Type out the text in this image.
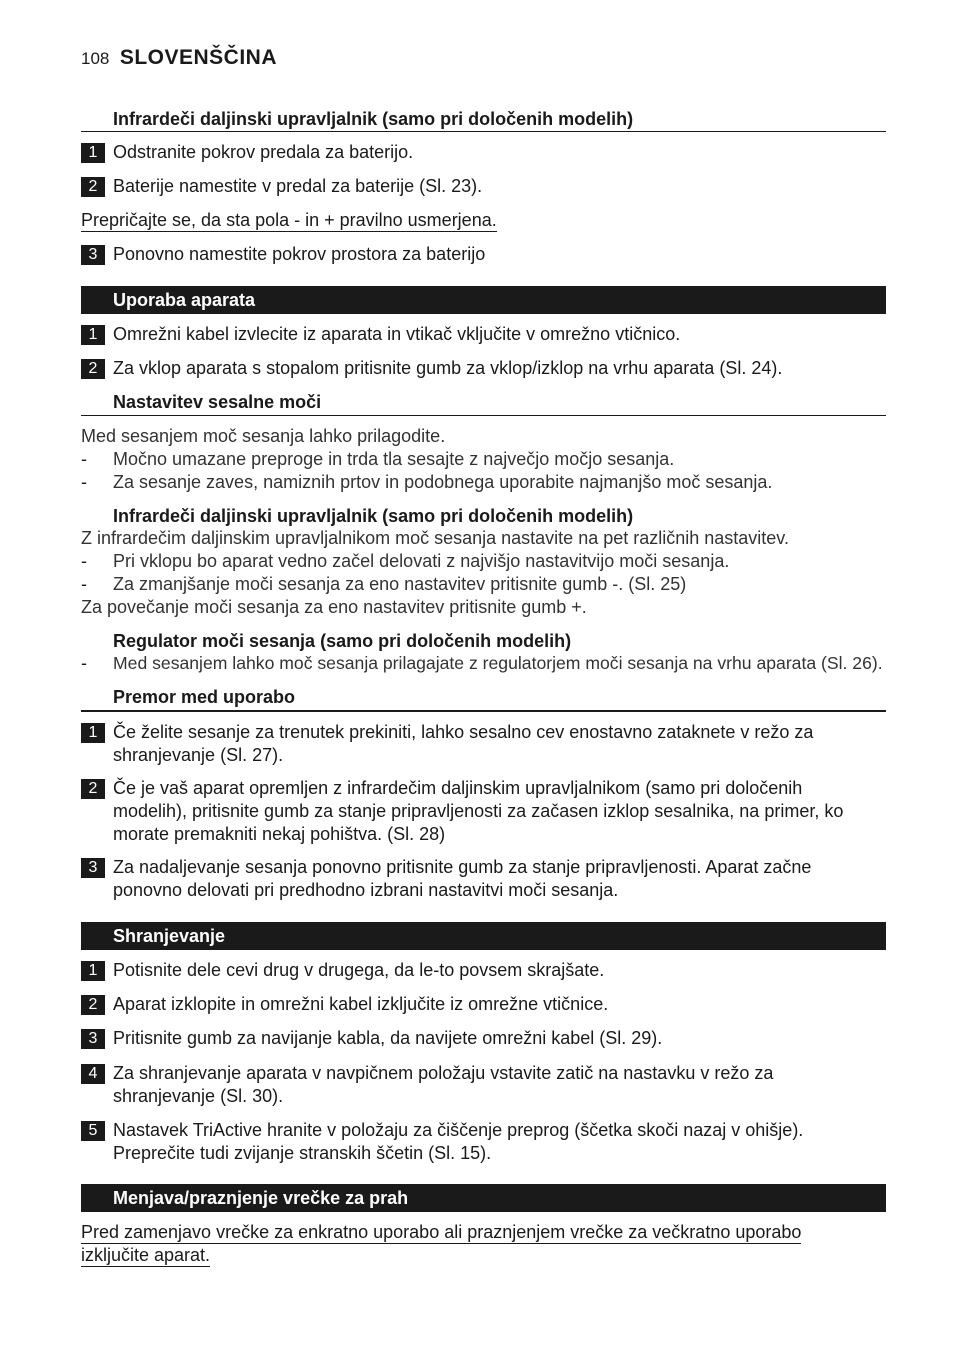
108 SLOVENŠČINA
Infrardeči daljinski upravljalnik (samo pri določenih modelih)
1 Odstranite pokrov predala za baterijo.
2 Baterije namestite v predal za baterije (Sl. 23).
Prepričajte se, da sta pola - in + pravilno usmerjena.
3 Ponovno namestite pokrov prostora za baterijo
Uporaba aparata
1 Omrežni kabel izvlecite iz aparata in vtikač vključite v omrežno vtičnico.
2 Za vklop aparata s stopalom pritisnite gumb za vklop/izklop na vrhu aparata (Sl. 24).
Nastavitev sesalne moči
Med sesanjem moč sesanja lahko prilagodite.
- Močno umazane preproge in trda tla sesajte z največjo močjo sesanja.
- Za sesanje zaves, namiznih prtov in podobnega uporabite najmanjšo moč sesanja.
Infrardeči daljinski upravljalnik (samo pri določenih modelih)
Z infrardečim daljinskim upravljalnikom moč sesanja nastavite na pet različnih nastavitev.
- Pri vklopu bo aparat vedno začel delovati z najvišjo nastavitvijo moči sesanja.
- Za zmanjšanje moči sesanja za eno nastavitev pritisnite gumb -. (Sl. 25)
Za povečanje moči sesanja za eno nastavitev pritisnite gumb +.
Regulator moči sesanja (samo pri določenih modelih)
- Med sesanjem lahko moč sesanja prilagajate z regulatorjem moči sesanja na vrhu aparata (Sl. 26).
Premor med uporabo
1 Če želite sesanje za trenutek prekiniti, lahko sesalno cev enostavno zataknete v režo za shranjevanje (Sl. 27).
2 Če je vaš aparat opremljen z infrardečim daljinskim upravljalnikom (samo pri določenih modelih), pritisnite gumb za stanje pripravljenosti za začasen izklop sesalnika, na primer, ko morate premakniti nekaj pohištva. (Sl. 28)
3 Za nadaljevanje sesanja ponovno pritisnite gumb za stanje pripravljenosti. Aparat začne ponovno delovati pri predhodno izbrani nastavitvi moči sesanja.
Shranjevanje
1 Potisnite dele cevi drug v drugega, da le-to povsem skrajšate.
2 Aparat izklopite in omrežni kabel izključite iz omrežne vtičnice.
3 Pritisnite gumb za navijanje kabla, da navijete omrežni kabel (Sl. 29).
4 Za shranjevanje aparata v navpičnem položaju vstavite zatič na nastavku v režo za shranjevanje (Sl. 30).
5 Nastavek TriActive hranite v položaju za čiščenje preprog (ščetka skoči nazaj v ohišje). Preprečite tudi zvijanje stranskih ščetin (Sl. 15).
Menjava/praznjenje vrečke za prah
Pred zamenjavo vrečke za enkratno uporabo ali praznjenjem vrečke za večkratno uporabo
izključite aparat.
